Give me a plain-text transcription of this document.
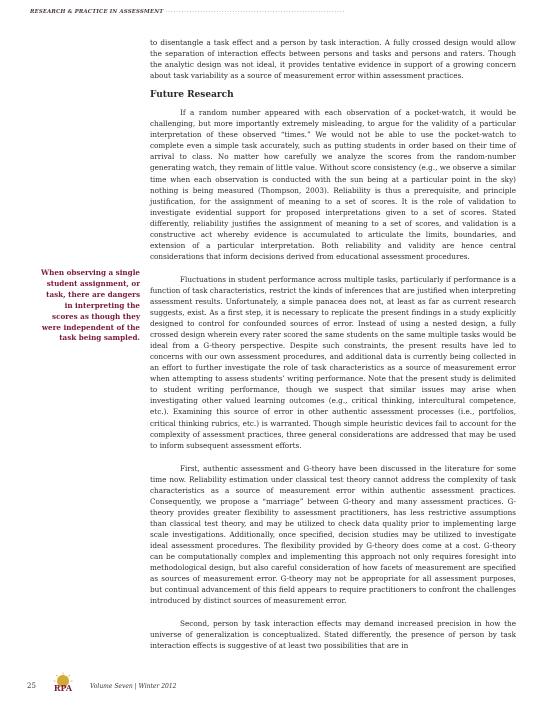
RESEARCH & PRACTICE IN ASSESSMENT ···································································
When observing a single student assignment, or task, there are dangers in interpreting the scores as though they were independent of the task being sampled.

to disentangle a task effect and a person by task interaction. A fully crossed design would allow the separation of interaction effects between persons and tasks and persons and raters. Though the analytic design was not ideal, it provides tentative evidence in support of a growing concern about task variability as a source of measurement error within assessment practices.

Future Research

If a random number appeared with each observation of a pocket-watch, it would be challenging, but more importantly extremely misleading, to argue for the validity of a particular interpretation of these observed “times.” We would not be able to use the pocket-watch to complete even a simple task accurately, such as putting students in order based on their time of arrival to class. No matter how carefully we analyze the scores from the random-number generating watch, they remain of little value. Without score consistency (e.g., we observe a similar time when each observation is conducted with the sun being at a particular point in the sky) nothing is being measured (Thompson, 2003). Reliability is thus a prerequisite, and principle justification, for the assignment of meaning to a set of scores. It is the role of validation to investigate evidential support for proposed interpretations given to a set of scores. Stated differently, reliability justifies the assignment of meaning to a set of scores, and validation is a constructive act whereby evidence is accumulated to articulate the limits, boundaries, and extension of a particular interpretation. Both reliability and validity are hence central considerations that inform decisions derived from educational assessment procedures.

Fluctuations in student performance across multiple tasks, particularly if performance is a function of task characteristics, restrict the kinds of inferences that are justified when interpreting assessment results. Unfortunately, a simple panacea does not, at least as far as current research suggests, exist. As a first step, it is necessary to replicate the present findings in a study explicitly designed to control for confounded sources of error. Instead of using a nested design, a fully crossed design wherein every rater scored the same students on the same multiple tasks would be ideal from a G-theory perspective. Despite such constraints, the present results have led to concerns with our own assessment procedures, and additional data is currently being collected in an effort to further investigate the role of task characteristics as a source of measurement error when attempting to assess students’ writing performance. Note that the present study is delimited to student writing performance, though we suspect that similar issues may arise when investigating other valued learning outcomes (e.g., critical thinking, intercultural competence, etc.). Examining this source of error in other authentic assessment processes (i.e., portfolios, critical thinking rubrics, etc.) is warranted. Though simple heuristic devices fail to account for the complexity of assessment practices, three general considerations are addressed that may be used to inform subsequent assessment efforts.

First, authentic assessment and G-theory have been discussed in the literature for some time now. Reliability estimation under classical test theory cannot address the complexity of task characteristics as a source of measurement error within authentic assessment practices. Consequently, we propose a “marriage” between G-theory and many assessment practices. G-theory provides greater flexibility to assessment practitioners, has less restrictive assumptions than classical test theory, and may be utilized to check data quality prior to implementing large scale investigations. Additionally, once specified, decision studies may be utilized to investigate ideal assessment procedures. The flexibility provided by G-theory does come at a cost. G-theory can be computationally complex and implementing this approach not only requires foresight into methodological design, but also careful consideration of how facets of measurement are specified as sources of measurement error. G-theory may not be appropriate for all assessment purposes, but continual advancement of this field appears to require practitioners to confront the challenges introduced by distinct sources of measurement error.

Second, person by task interaction effects may demand increased precision in how the universe of generalization is conceptualized. Stated differently, the presence of person by task interaction effects is suggestive of at least two possibilities that are in

25 RPA	Volume Seven | Winter 2012
